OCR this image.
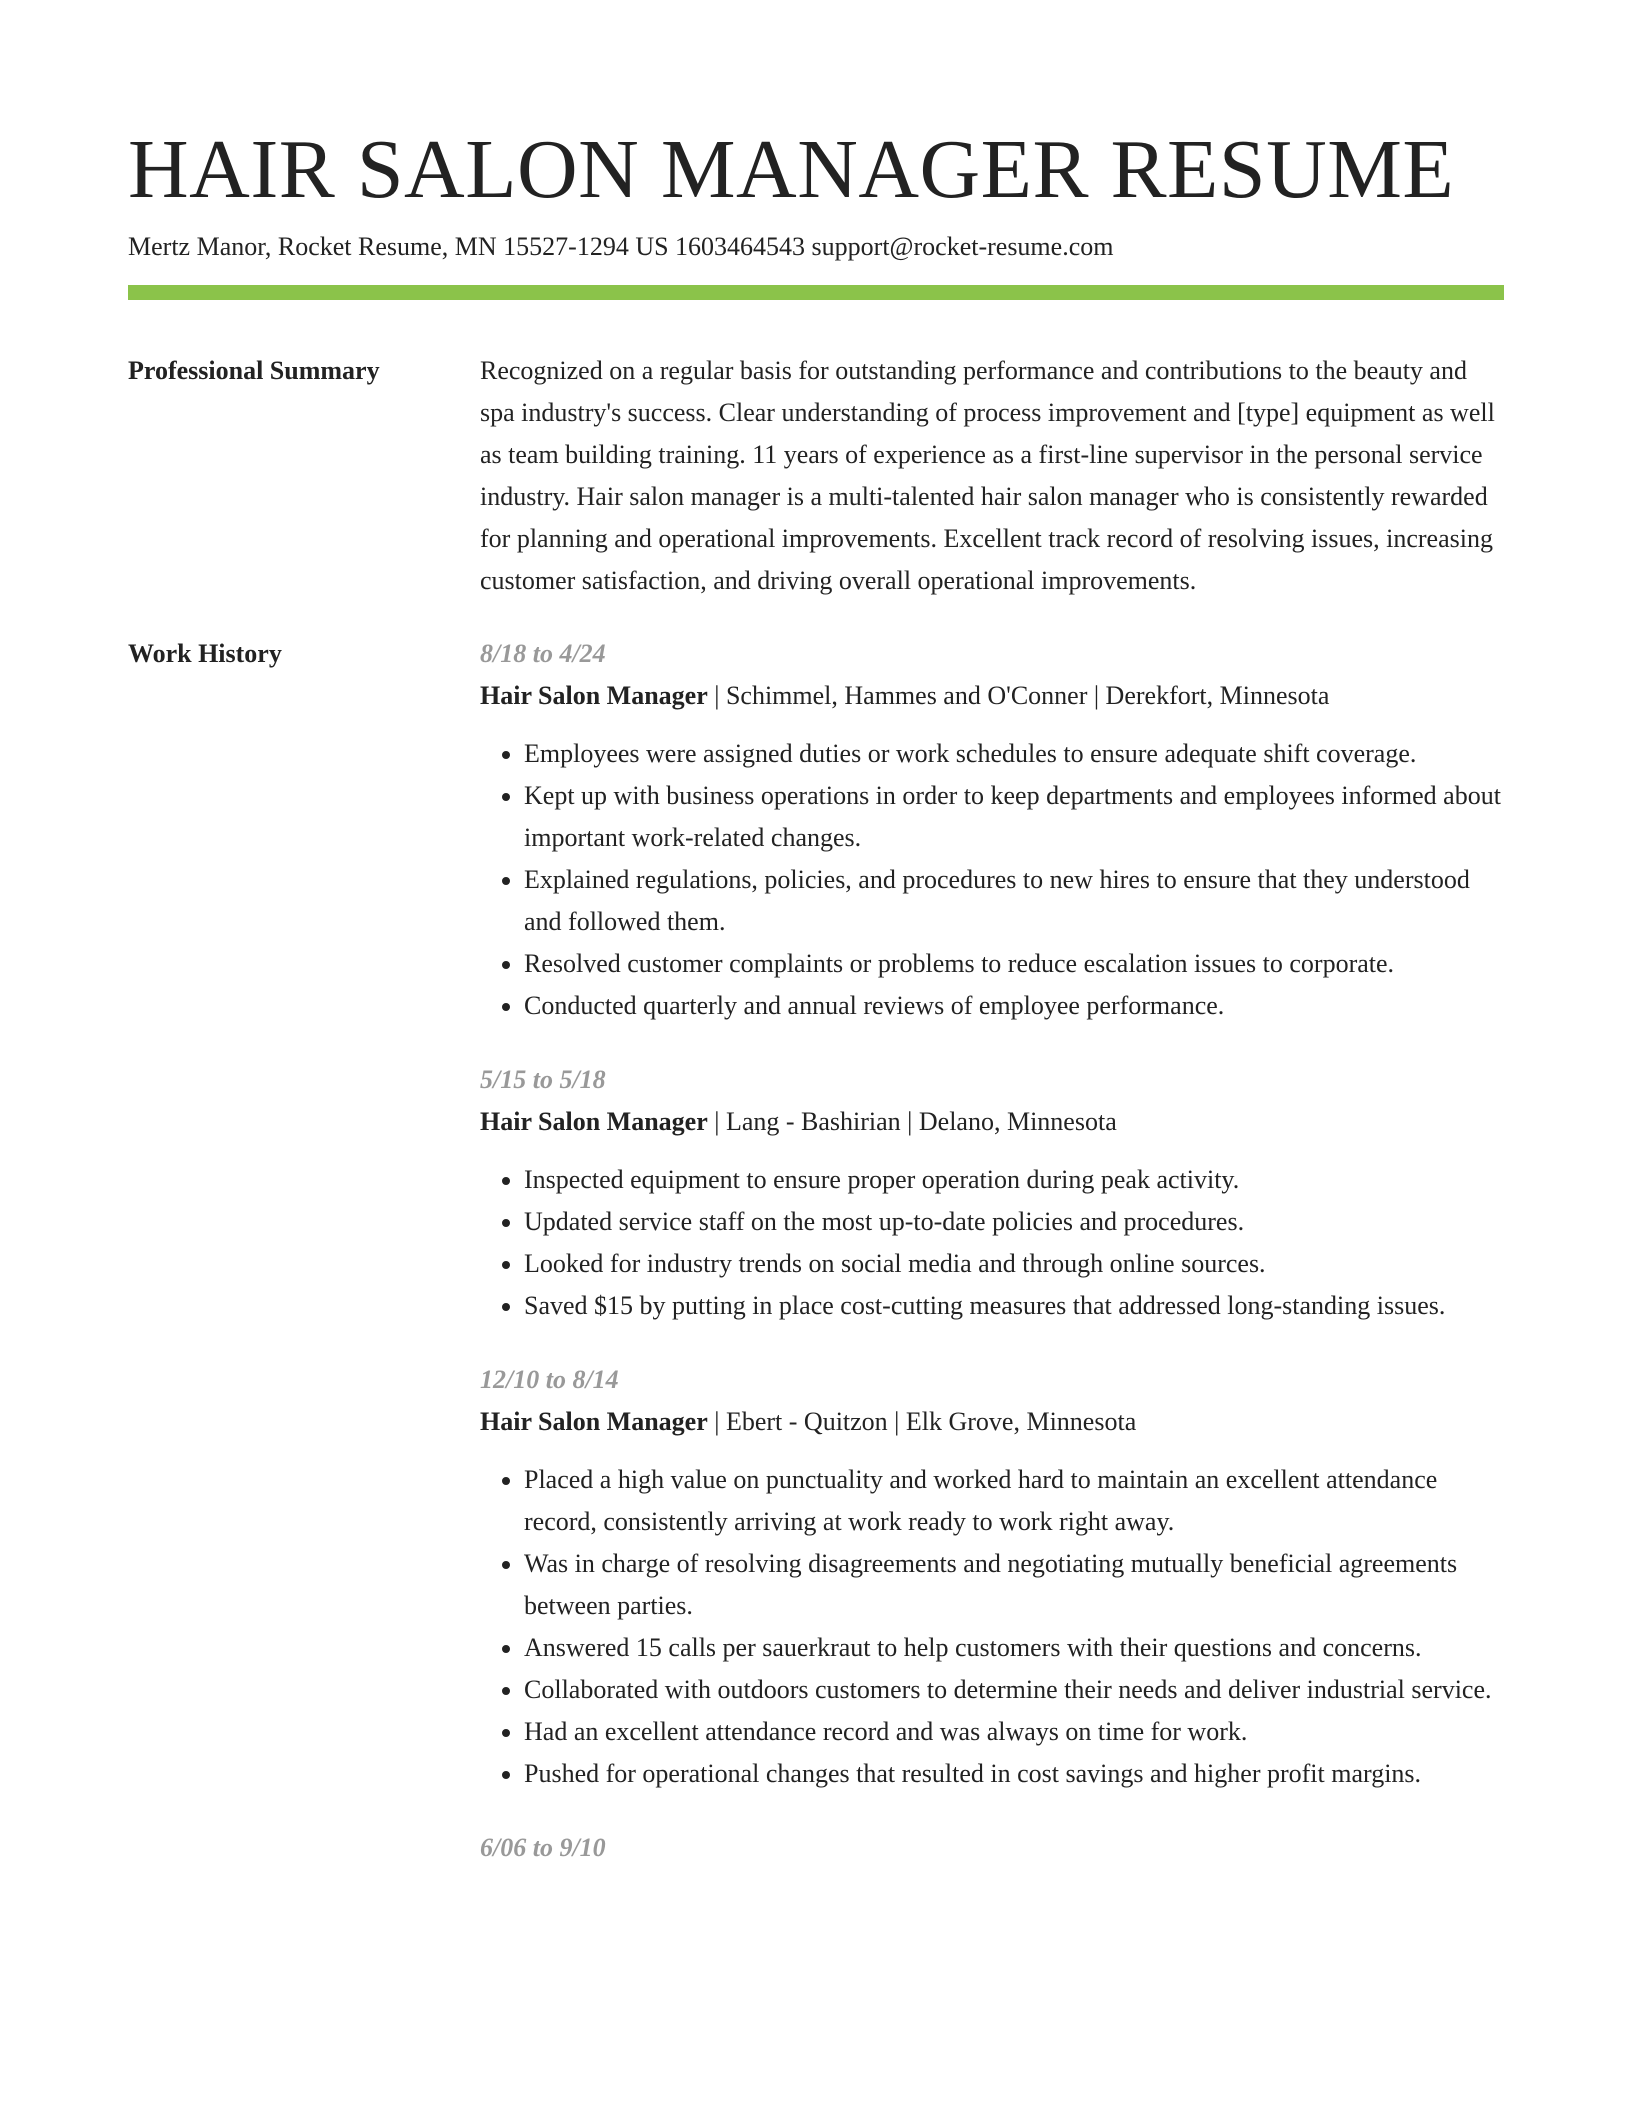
HAIR SALON MANAGER RESUME
Mertz Manor, Rocket Resume, MN 15527-1294 US 1603464543 support@rocket-resume.com
Professional Summary	Recognized on a regular basis for outstanding performance and contributions to the beauty and spa industry's success. Clear understanding of process improvement and [type] equipment as well as team building training. 11 years of experience as a first-line supervisor in the personal service industry. Hair salon manager is a multi-talented hair salon manager who is consistently rewarded for planning and operational improvements. Excellent track record of resolving issues, increasing customer satisfaction, and driving overall operational improvements.

Work History	8/18 to 4/24
Hair Salon Manager | Schimmel, Hammes and O'Conner | Derekfort, Minnesota
• Employees were assigned duties or work schedules to ensure adequate shift coverage.
• Kept up with business operations in order to keep departments and employees informed about important work-related changes.
• Explained regulations, policies, and procedures to new hires to ensure that they understood and followed them.
• Resolved customer complaints or problems to reduce escalation issues to corporate.
• Conducted quarterly and annual reviews of employee performance.
5/15 to 5/18
Hair Salon Manager | Lang - Bashirian | Delano, Minnesota
• Inspected equipment to ensure proper operation during peak activity.
• Updated service staff on the most up-to-date policies and procedures.
• Looked for industry trends on social media and through online sources.
• Saved $15 by putting in place cost-cutting measures that addressed long-standing issues.
12/10 to 8/14
Hair Salon Manager | Ebert - Quitzon | Elk Grove, Minnesota
• Placed a high value on punctuality and worked hard to maintain an excellent attendance record, consistently arriving at work ready to work right away.
• Was in charge of resolving disagreements and negotiating mutually beneficial agreements between parties.
• Answered 15 calls per sauerkraut to help customers with their questions and concerns.
• Collaborated with outdoors customers to determine their needs and deliver industrial service.
• Had an excellent attendance record and was always on time for work.
• Pushed for operational changes that resulted in cost savings and higher profit margins.
6/06 to 9/10
